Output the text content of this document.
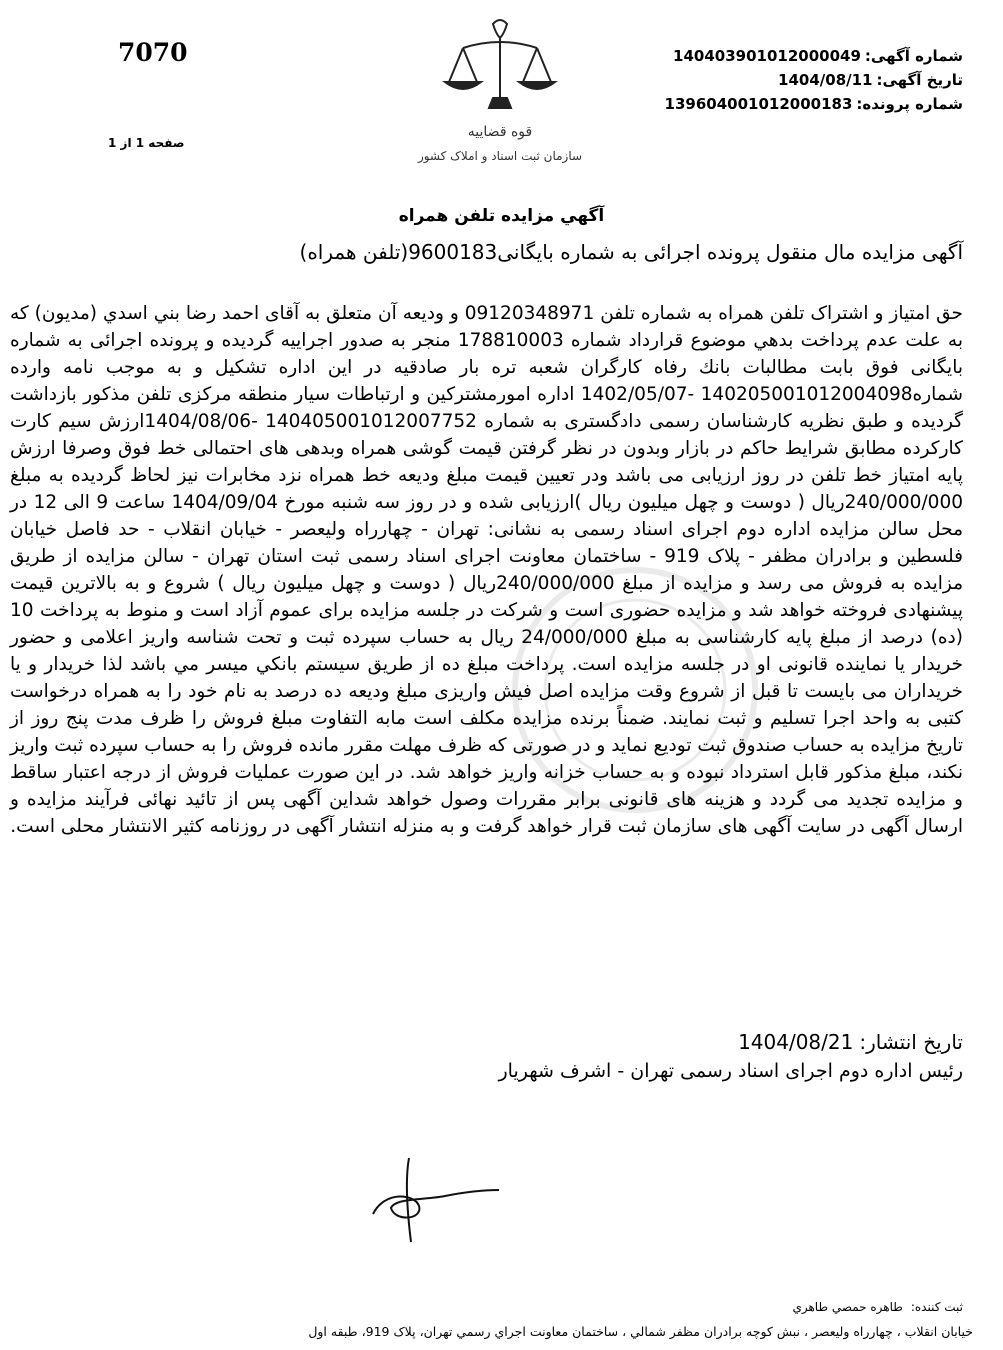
7070
صفحه 1 از 1
قوه قضاییه
سازمان ثبت اسناد و املاک کشور
شماره آگهی:
140403901012000049
تاریخ آگهی:
1404/08/11
شماره پرونده:
139604001012000183
آگهي مزايده تلفن همراه
آگهی مزایده مال منقول پرونده اجرائی به شماره بایگانی9600183(تلفن همراه)
حق امتياز و اشتراک تلفن همراه به شماره تلفن 09120348971 و وديعه آن متعلق به آقای احمد رضا بني اسدي (مديون) که به علت عدم پرداخت بدهي موضوع قرارداد شماره 178810003 منجر به صدور اجراييه گرديده و پرونده اجرائی به شماره بايگانی فوق بابت مطالبات بانك رفاه كارگران شعبه تره بار صادقيه در اين اداره تشکيل و به موجب نامه وارده شماره140205001012004098 -1402/05/07 اداره امورمشترکين و ارتباطات سيار منطقه مرکزی تلفن مذکور بازداشت گرديده و طبق نظريه کارشناسان رسمی دادگستری به شماره 140405001012007752 -1404/08/06ارزش سيم کارت کارکرده مطابق شرايط حاکم در بازار وبدون در نظر گرفتن قيمت گوشی همراه وبدهی های احتمالی خط فوق وصرفا ارزش پايه امتياز خط تلفن در روز ارزيابی می باشد ودر تعيين قيمت مبلغ وديعه خط همراه نزد مخابرات نيز لحاظ گرديده به مبلغ 240/000/000ریال ( دوست و چهل میلیون ریال )ارزیابی شده و در روز سه شنبه مورخ 1404/09/04 ساعت 9 الی 12 در محل سالن مزایده اداره دوم اجرای اسناد رسمی به نشانی: تهران - چهارراه ولیعصر - خیابان انقلاب - حد فاصل خیابان فلسطین و برادران مظفر - پلاک 919 - ساختمان معاونت اجرای اسناد رسمی ثبت استان تهران - سالن مزایده از طریق مزایده به فروش می رسد و مزایده از مبلغ 240/000/000ریال ( دوست و چهل میلیون ریال ) شروع و به بالاترین قیمت پیشنهادی فروخته خواهد شد و مزایده حضوری است و شرکت در جلسه مزایده برای عموم آزاد است و منوط به پرداخت 10 (ده) درصد از مبلغ پایه کارشناسی به مبلغ 24/000/000 ریال به حساب سپرده ثبت و تحت شناسه واریز اعلامی و حضور خریدار یا نماینده قانونی او در جلسه مزایده است. پرداخت مبلغ ده از طریق سیستم بانکي ميسر مي باشد لذا خریدار و یا خریداران می بایست تا قبل از شروع وقت مزایده اصل فیش واریزی مبلغ ودیعه ده درصد به نام خود را به همراه درخواست کتبی به واحد اجرا تسلیم و ثبت نمایند. ضمناً برنده مزایده مکلف است مابه التفاوت مبلغ فروش را ظرف مدت پنج روز از تاریخ مزایده به حساب صندوق ثبت تودیع نماید و در صورتی که ظرف مهلت مقرر مانده فروش را به حساب سپرده ثبت واریز نکند، مبلغ مذکور قابل استرداد نبوده و به حساب خزانه واریز خواهد شد. در این صورت عملیات فروش از درجه اعتبار ساقط و مزایده تجدید می گردد و هزینه های قانونی برابر مقررات وصول خواهد شداین آگهی پس از تائید نهائی فرآیند مزایده و ارسال آگهی در سایت آگهی های سازمان ثبت قرار خواهد گرفت و به منزله انتشار آگهی در روزنامه کثیر الانتشار محلی است.
تاریخ انتشار:
1404/08/21
رئیس اداره دوم اجرای اسناد رسمی تهران - اشرف شهریار
ثبت کننده:
طاهره حمصي طاهري
خيابان انقلاب ، چهارراه وليعصر ، نبش کوچه برادران مظفر شمالي ، ساختمان معاونت اجراي رسمي تهران، پلاک 919، طبقه اول
